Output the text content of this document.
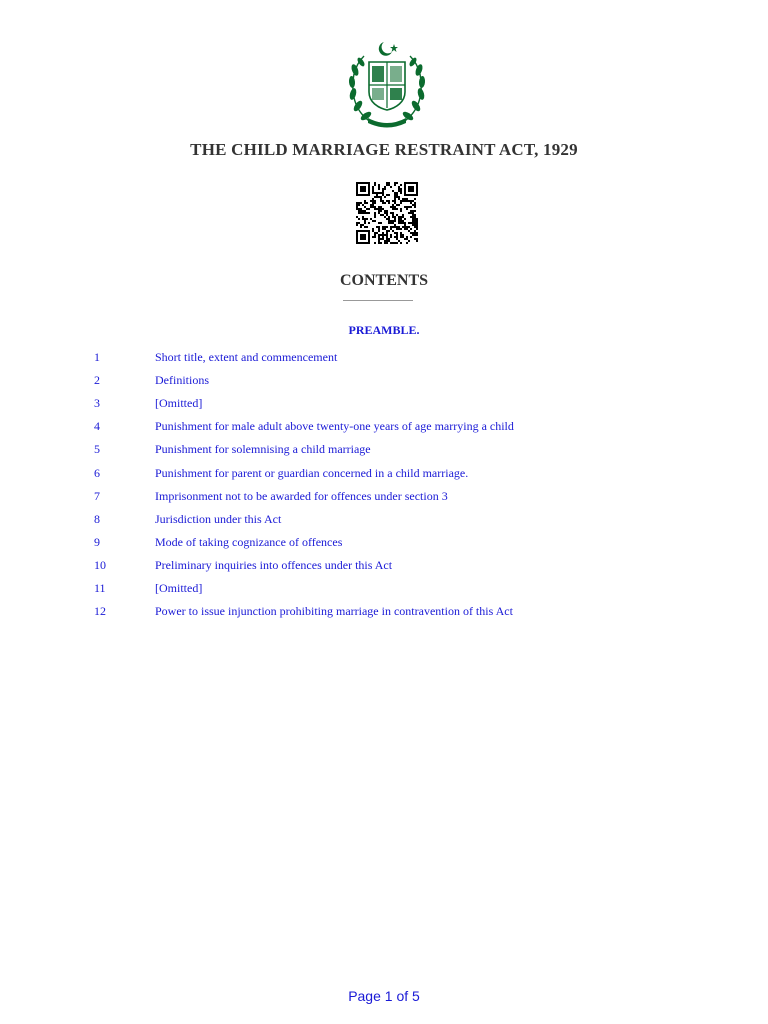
THE CHILD MARRIAGE RESTRAINT ACT, 1929
CONTENTS
PREAMBLE.
1	Short title, extent and commencement
2	Definitions
3	[Omitted]
4	Punishment for male adult above twenty-one years of age marrying a child
5	Punishment for solemnising a child marriage
6	Punishment for parent or guardian concerned in a child marriage.
7	Imprisonment not to be awarded for offences under section 3
8	Jurisdiction under this Act
9	Mode of taking cognizance of offences
10	Preliminary inquiries into offences under this Act
11	[Omitted]
12	Power to issue injunction prohibiting marriage in contravention of this Act
Page 1 of 5
